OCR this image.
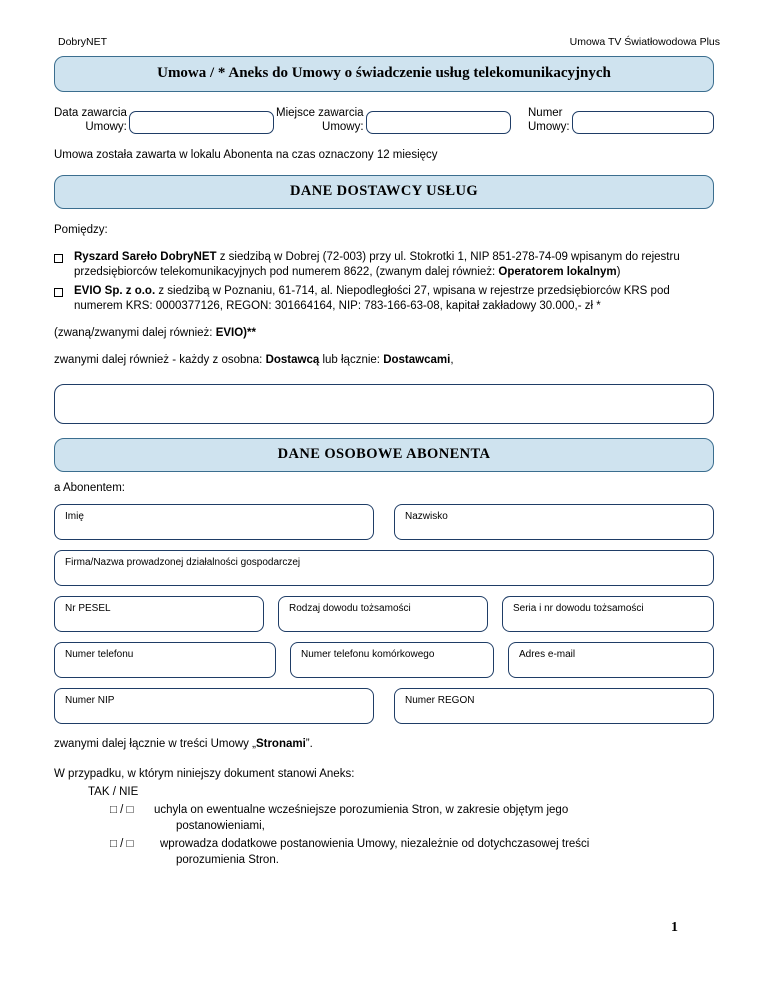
DobryNET	Umowa TV Światłowodowa Plus
Umowa / * Aneks do Umowy o świadczenie usług telekomunikacyjnych
Data zawarcia
Umowy:
Miejsce zawarcia
Umowy:
Numer
Umowy:
Umowa została zawarta w lokalu Abonenta na czas oznaczony 12 miesięcy
DANE DOSTAWCY USŁUG
Pomiędzy:
Ryszard Sareło DobryNET z siedzibą w Dobrej (72-003) przy ul. Stokrotki 1, NIP 851-278-74-09 wpisanym do rejestru przedsiębiorców telekomunikacyjnych pod numerem 8622, (zwanym dalej również: Operatorem lokalnym)
EVIO Sp. z o.o. z siedzibą w Poznaniu, 61-714, al. Niepodległości 27, wpisana w rejestrze przedsiębiorców KRS pod numerem KRS: 0000377126, REGON: 301664164, NIP: 783-166-63-08, kapitał zakładowy 30.000,- zł *
(zwaną/zwanymi dalej również: EVIO)**
zwanymi dalej również - każdy z osobna: Dostawcą lub łącznie: Dostawcami,
DANE OSOBOWE ABONENTA
a Abonentem:
Imię	Nazwisko
Firma/Nazwa prowadzonej działalności gospodarczej
Nr PESEL	Rodzaj dowodu tożsamości	Seria i nr dowodu tożsamości
Numer telefonu	Numer telefonu komórkowego	Adres e-mail
Numer NIP	Numer REGON
zwanymi dalej łącznie w treści Umowy „Stronami”.
W przypadku, w którym niniejszy dokument stanowi Aneks:
TAK / NIE
□ / □	uchyla on ewentualne wcześniejsze porozumienia Stron, w zakresie objętym jego
postanowieniami,
□ / □	wprowadza dodatkowe postanowienia Umowy, niezależnie od dotychczasowej treści
porozumienia Stron.
1
